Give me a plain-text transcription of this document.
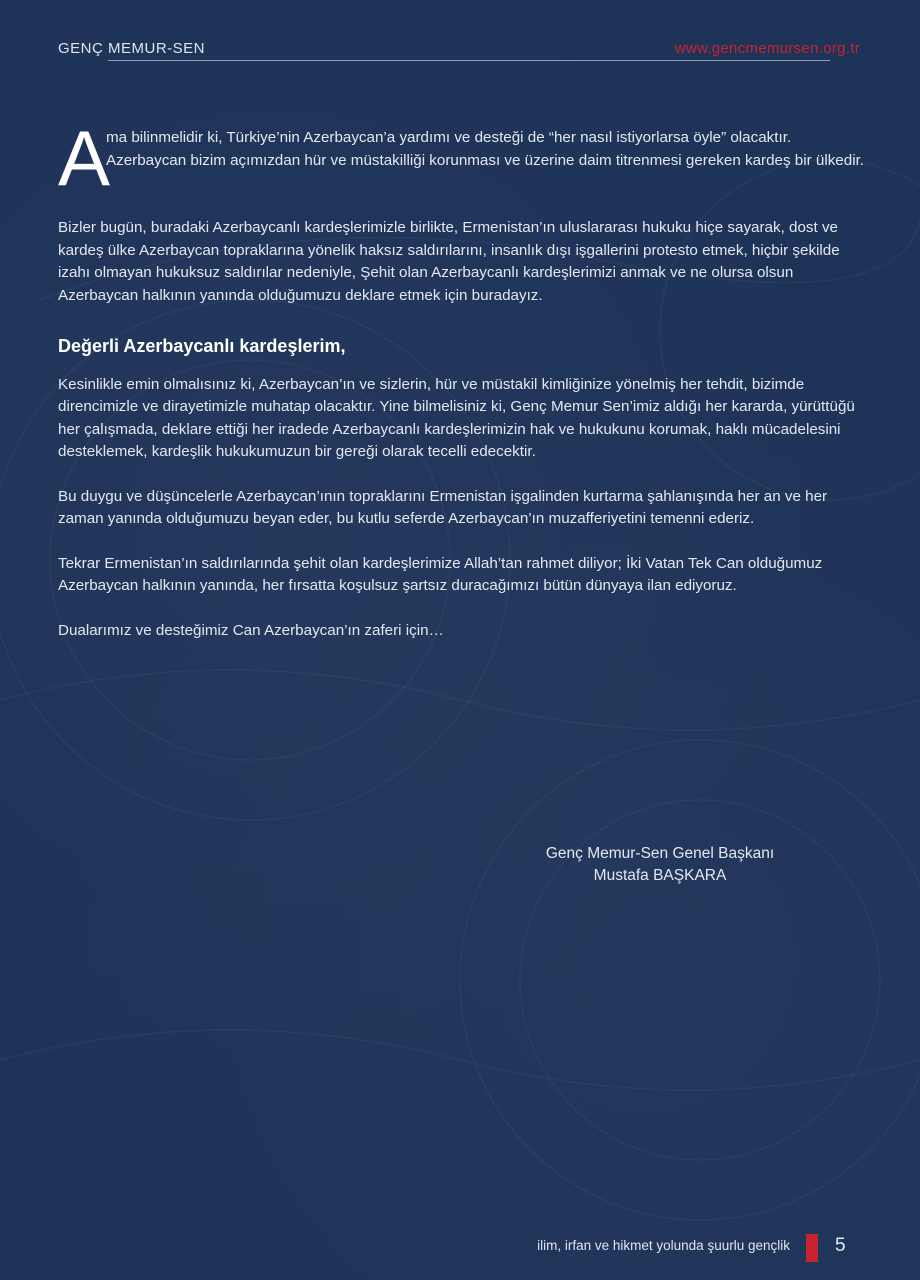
GENÇ MEMUR-SEN	www.gencmemursen.org.tr
A
ma bilinmelidir ki, Türkiye’nin Azerbaycan’a yardımı ve desteği de “her nasıl istiyorlarsa öyle” olacaktır. Azerbaycan bizim açımızdan hür ve müstakilliği korunması ve üzerine daim titrenmesi gereken kardeş bir ülkedir.

Bizler bugün, buradaki Azerbaycanlı kardeşlerimizle birlikte, Ermenistan’ın uluslararası hukuku hiçe sayarak, dost ve kardeş ülke Azerbaycan topraklarına yönelik haksız saldırılarını, insanlık dışı işgallerini protesto etmek, hiçbir şekilde izahı olmayan hukuksuz saldırılar nedeniyle, Şehit olan Azerbaycanlı kardeşlerimizi anmak ve ne olursa olsun Azerbaycan halkının yanında olduğumuzu deklare etmek için buradayız.

Değerli Azerbaycanlı kardeşlerim,

Kesinlikle emin olmalısınız ki, Azerbaycan’ın ve sizlerin, hür ve müstakil kimliğinize yönelmiş her tehdit, bizimde direncimizle ve dirayetimizle muhatap olacaktır. Yine bilmelisiniz ki, Genç Memur Sen’imiz aldığı her kararda, yürüttüğü her çalışmada, deklare ettiği her iradede Azerbaycanlı kardeşlerimizin hak ve hukukunu korumak, haklı mücadelesini desteklemek, kardeşlik hukukumuzun bir gereği olarak tecelli edecektir.

Bu duygu ve düşüncelerle Azerbaycan’ının topraklarını Ermenistan işgalinden kurtarma şahlanışında her an ve her zaman yanında olduğumuzu beyan eder, bu kutlu seferde Azerbaycan’ın muzafferiyetini temenni ederiz.

Tekrar Ermenistan’ın saldırılarında şehit olan kardeşlerimize Allah’tan rahmet diliyor; İki Vatan Tek Can olduğumuz Azerbaycan halkının yanında, her fırsatta koşulsuz şartsız duracağımızı bütün dünyaya ilan ediyoruz.

Dualarımız ve desteğimiz Can Azerbaycan’ın zaferi için…

Genç Memur-Sen Genel Başkanı
Mustafa BAŞKARA
ilim, irfan ve hikmet yolunda şuurlu gençlik 5
